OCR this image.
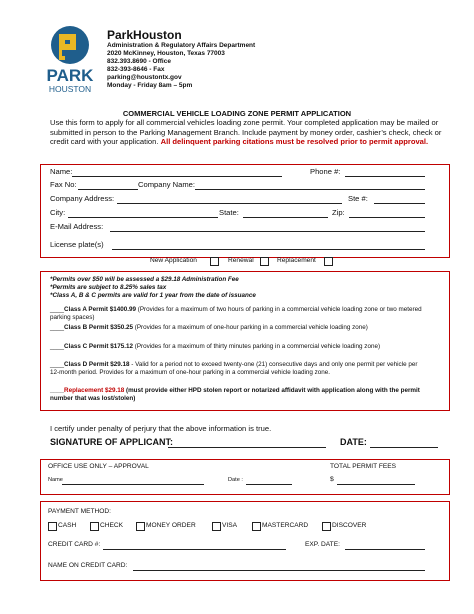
PARK
HOUSTON
ParkHouston
Administration & Regulatory Affairs Department
2020 McKinney, Houston, Texas 77003
832.393.8690 - Office
832-393-8646 - Fax
parking@houstontx.gov
Monday - Friday 8am – 5pm
COMMERCIAL VEHICLE LOADING ZONE PERMIT APPLICATION
Use this form to apply for all commercial vehicles loading zone permit. Your completed application may be mailed or submitted in person to the Parking Management Branch. Include payment by money order, cashier’s check, check or credit card with your application. All delinquent parking citations must be resolved prior to permit approval.
Name:	Phone #:
Fax No:	Company Name:
Company Address:	Ste #:
City:	State:	Zip:
E-Mail Address:
License plate(s)
New Application	Renewal	Replacement
*Permits over $50 will be assessed a $29.18 Administration Fee
*Permits are subject to 8.25% sales tax
*Class A, B & C permits are valid for 1 year from the date of issuance
____Class A Permit $1400.99 (Provides for a maximum of two hours of parking in a commercial vehicle loading zone or two metered parking spaces)
____Class B Permit $350.25 (Provides for a maximum of one-hour parking in a commercial vehicle loading zone)
____Class C Permit $175.12 (Provides for a maximum of thirty minutes parking in a commercial vehicle loading zone)
____Class D Permit $29.18 - Valid for a period not to exceed twenty-one (21) consecutive days and only one permit per vehicle per 12-month period. Provides for a maximum of one-hour parking in a commercial vehicle loading zone.
____Replacement $29.18 (must provide either HPD stolen report or notarized affidavit with application along with the permit number that was lost/stolen)
I certify under penalty of perjury that the above information is true.
SIGNATURE OF APPLICANT:	DATE:
OFFICE USE ONLY – APPROVAL	TOTAL PERMIT FEES
Name	Date :	$
PAYMENT METHOD:
CASH	CHECK	MONEY ORDER	VISA	MASTERCARD	DISCOVER
CREDIT CARD #:	EXP. DATE:
NAME ON CREDIT CARD:
